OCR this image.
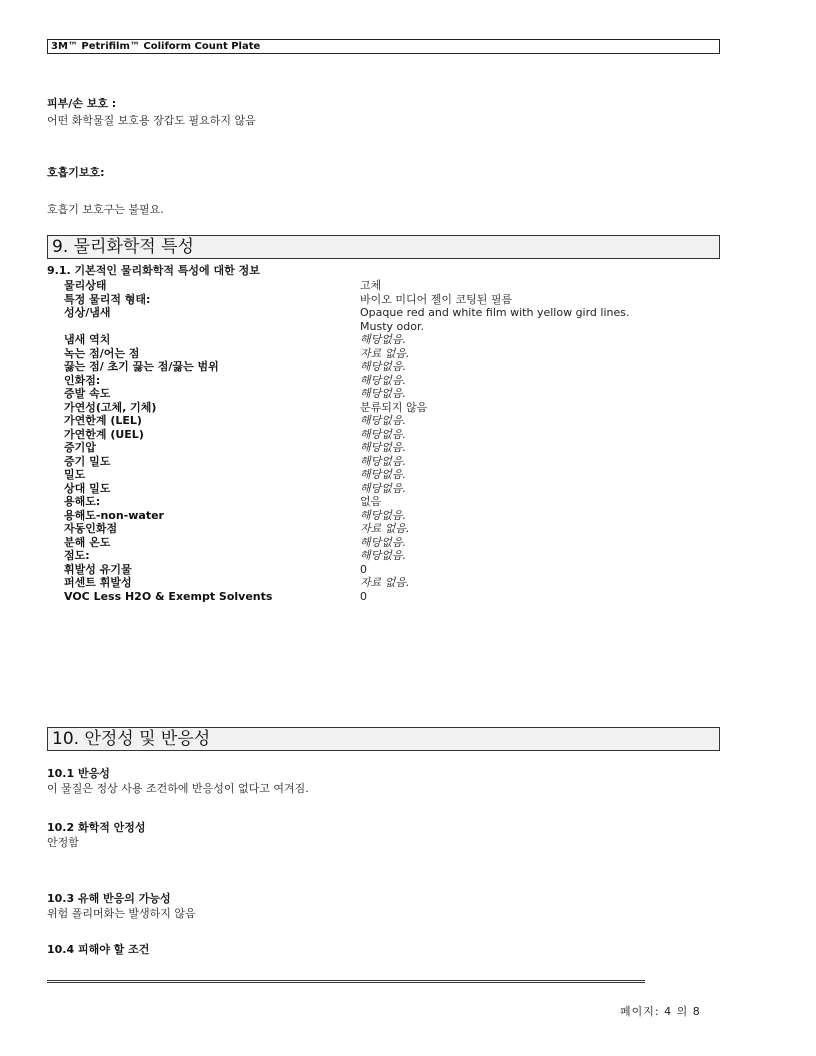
3M™ Petrifilm™ Coliform Count Plate
피부/손 보호 :
어떤 화학물질 보호용 장갑도 필요하지 않음
호흡기보호:
호흡기 보호구는 불필요.
9. 물리화학적 특성
9.1. 기본적인 물리화학적 특성에 대한 정보
물리상태	고체
특정 물리적 형태:	바이오 미디어 젤이 코팅된 필름
성상/냄새	Opaque red and white film with yellow gird lines.
Musty odor.
냄새 역치	해당없음.
녹는 점/어는 점	자료 없음.
끓는 점/ 초기 끓는 점/끓는 범위	해당없음.
인화점:	해당없음.
증발 속도	해당없음.
가연성(고체, 기체)	분류되지 않음
가연한계 (LEL)	해당없음.
가연한계 (UEL)	해당없음.
증기압	해당없음.
증기 밀도	해당없음.
밀도	해당없음.
상대 밀도	해당없음.
용해도:	없음
용해도-non-water	해당없음.
자동인화점	자료 없음.
분해 온도	해당없음.
점도:	해당없음.
휘발성 유기물	0
퍼센트 휘발성	자료 없음.
VOC Less H2O & Exempt Solvents	0
10. 안정성 및 반응성
10.1 반응성
이 물질은 정상 사용 조건하에 반응성이 없다고 여겨짐.
10.2 화학적 안정성
안정함
10.3 유해 반응의 가능성
위험 폴리머화는 발생하지 않음
10.4 피해야 할 조건
페이지: 4 의 8
